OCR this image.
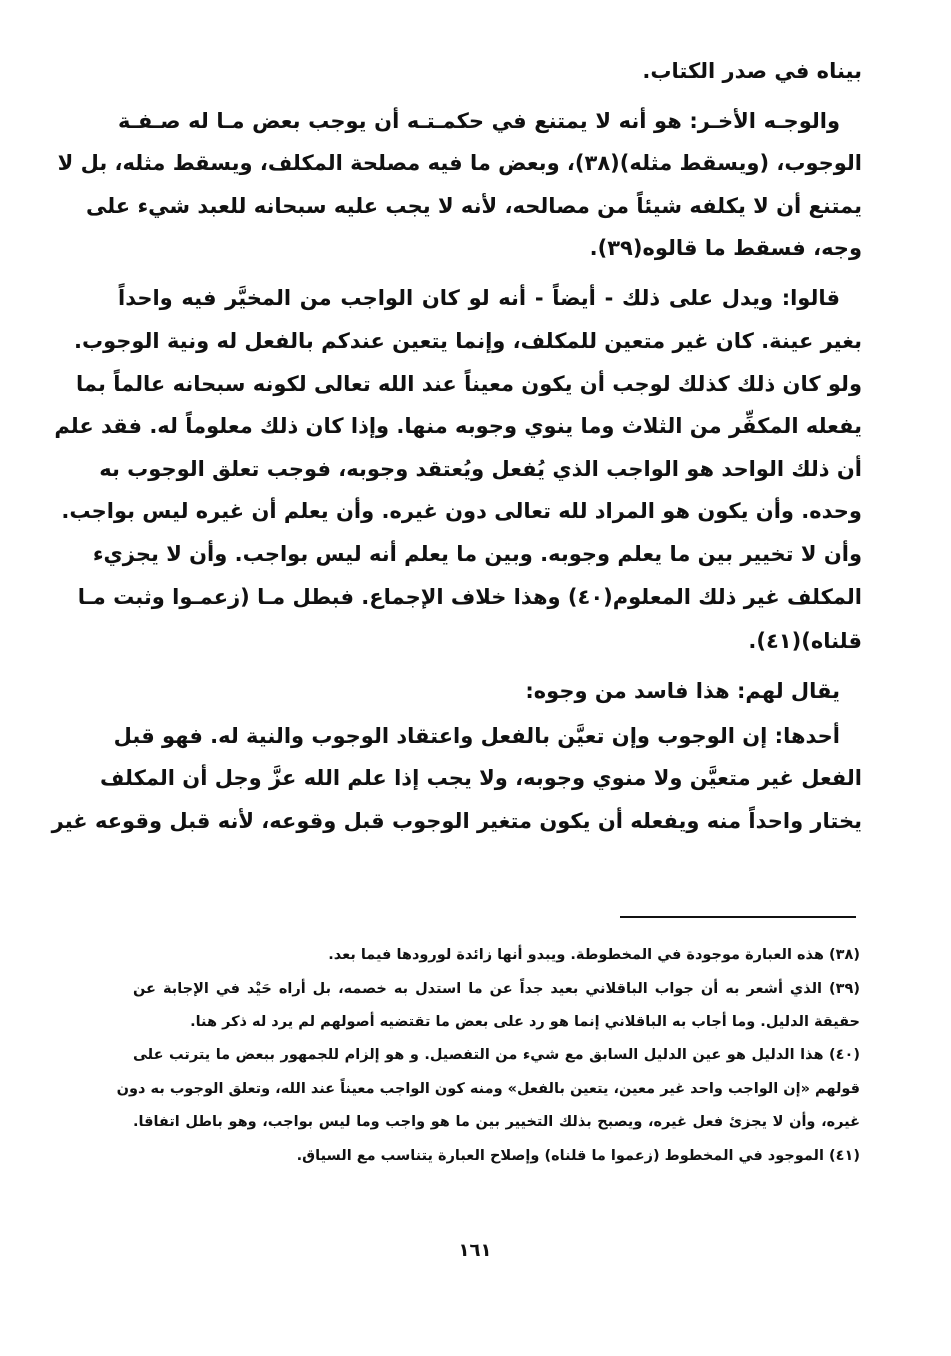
بيناه في صدر الكتاب.
والوجـه الأخـر: هو أنه لا يمتنع في حكمـتـه أن يوجب بعض مـا له صـفـة
الوجوب، (ويسقط مثله)(٣٨)، وبعض ما فيه مصلحة المكلف، ويسقط مثله، بل لا
يمتنع أن لا يكلفه شيئاً من مصالحه، لأنه لا يجب عليه سبحانه للعبد شيء على
وجه، فسقط ما قالوه(٣٩).
قالوا: ويدل على ذلك - أيضاً - أنه لو كان الواجب من المخيَّر فيه واحداً
بغير عينة. كان غير متعين للمكلف، وإنما يتعين عندكم بالفعل له ونية الوجوب.
ولو كان ذلك كذلك لوجب أن يكون معيناً عند الله تعالى لكونه سبحانه عالماً بما
يفعله المكفِّر من الثلاث وما ينوي وجوبه منها. وإذا كان ذلك معلوماً له. فقد علم
أن ذلك الواحد هو الواجب الذي يُفعل ويُعتقد وجوبه، فوجب تعلق الوجوب به
وحده. وأن يكون هو المراد لله تعالى دون غيره. وأن يعلم أن غيره ليس بواجب.
وأن لا تخيير بين ما يعلم وجوبه. وبين ما يعلم أنه ليس بواجب. وأن لا يجزيء
المكلف غير ذلك المعلوم(٤٠) وهذا خلاف الإجماع. فبطل مـا (زعمـوا وثبت مـا
قلناه)(٤١).
يقال لهم: هذا فاسد من وجوه:
أحدها: إن الوجوب وإن تعيَّن بالفعل واعتقاد الوجوب والنية له. فهو قبل
الفعل غير متعيَّن ولا منوي وجوبه، ولا يجب إذا علم الله عزَّ وجل أن المكلف
يختار واحداً منه ويفعله أن يكون متغير الوجوب قبل وقوعه، لأنه قبل وقوعه غير
(٣٨) هذه العبارة موجودة في المخطوطة. ويبدو أنها زائدة لورودها فيما بعد.
(٣٩) الذي أشعر به أن جواب الباقلاني بعيد جداً عن ما استدل به خصمه، بل أراه حَيْد في الإجابة عن
حقيقة الدليل. وما أجاب به الباقلاني إنما هو رد على بعض ما تقتضيه أصولهم لم يرد له ذكر هنا.
(٤٠) هذا الدليل هو عين الدليل السابق مع شيء من التفصيل. و هو إلزام للجمهور ببعض ما يترتب على
قولهم «إن الواجب واحد غير معين، يتعين بالفعل» ومنه كون الواجب معيناً عند الله، وتعلق الوجوب به دون
غيره، وأن لا يجزئ فعل غيره، ويصبح بذلك التخيير بين ما هو واجب وما ليس بواجب، وهو باطل اتفاقا.
(٤١) الموجود في المخطوط (زعموا ما قلناه) وإصلاح العبارة يتناسب مع السياق.
١٦١
